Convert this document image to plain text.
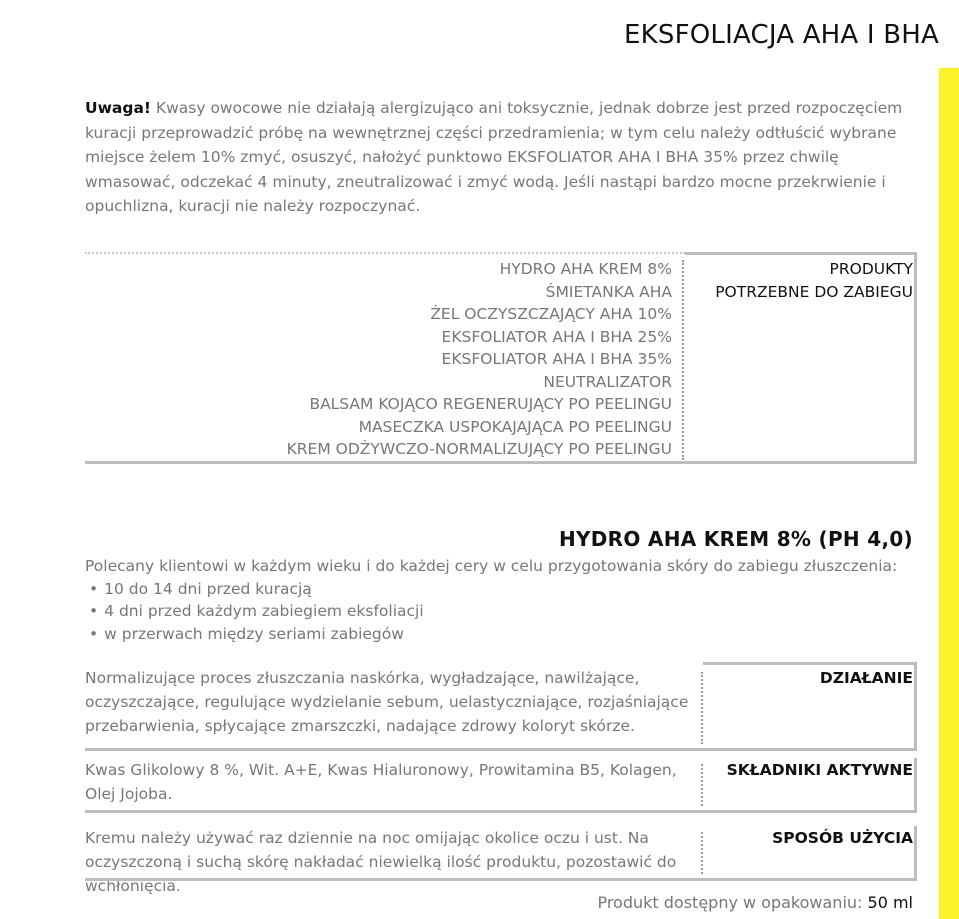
EKSFOLIACJA AHA I BHA
Uwaga! Kwasy owocowe nie działają alergizująco ani toksycznie, jednak dobrze jest przed rozpoczęciem kuracji przeprowadzić próbę na wewnętrznej części przedramienia; w tym celu należy odtłuścić wybrane miejsce żelem 10% zmyć, osuszyć, nałożyć punktowo EKSFOLIATOR AHA I BHA 35% przez chwilę wmasować, odczekać 4 minuty, zneutralizować i zmyć wodą. Jeśli nastąpi bardzo mocne przekrwienie i opuchlizna, kuracji nie należy rozpoczynać.
HYDRO AHA KREM 8%
ŚMIETANKA AHA
ŻEL OCZYSZCZAJĄCY AHA 10%
EKSFOLIATOR AHA I BHA 25%
EKSFOLIATOR AHA I BHA 35%
NEUTRALIZATOR
BALSAM KOJĄCO REGENERUJĄCY PO PEELINGU
MASECZKA USPOKAJAJĄCA PO PEELINGU
KREM ODŻYWCZO-NORMALIZUJĄCY PO PEELINGU
PRODUKTY
POTRZEBNE DO ZABIEGU
HYDRO AHA KREM 8% (PH 4,0)
Polecany klientowi w każdym wieku i do każdej cery w celu przygotowania skóry do zabiegu złuszczenia:
• 10 do 14 dni przed kuracją
• 4 dni przed każdym zabiegiem eksfoliacji
• w przerwach między seriami zabiegów
Normalizujące proces złuszczania naskórka, wygładzające, nawilżające, oczyszczające, regulujące wydzielanie sebum, uelastyczniające, rozjaśniające przebarwienia, spłycające zmarszczki, nadające zdrowy koloryt skórze.
DZIAŁANIE
Kwas Glikolowy 8 %, Wit. A+E, Kwas Hialuronowy, Prowitamina B5, Kolagen, Olej Jojoba.
SKŁADNIKI AKTYWNE
Kremu należy używać raz dziennie na noc omijając okolice oczu i ust. Na oczyszczoną i suchą skórę nakładać niewielką ilość produktu, pozostawić do wchłonięcia.
SPOSÓB UŻYCIA
Produkt dostępny w opakowaniu: 50 ml
